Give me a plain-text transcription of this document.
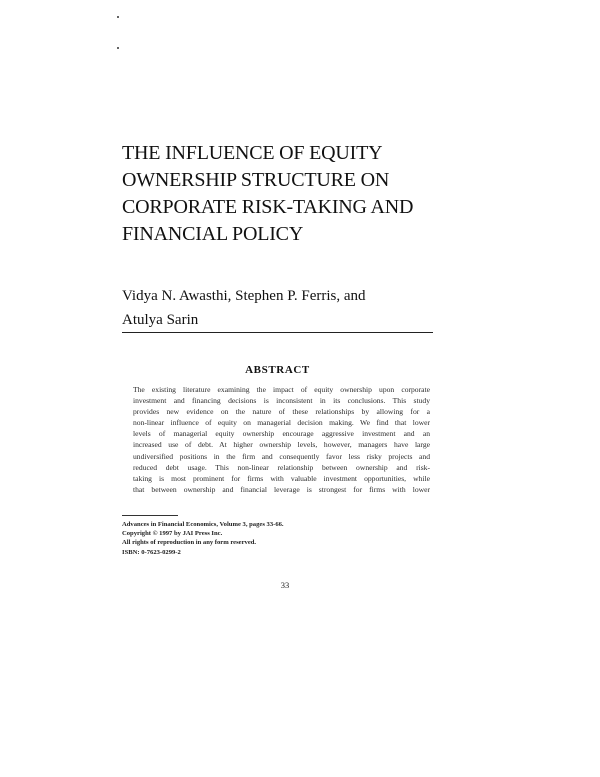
THE INFLUENCE OF EQUITY
OWNERSHIP STRUCTURE ON
CORPORATE RISK-TAKING AND
FINANCIAL POLICY
Vidya N. Awasthi, Stephen P. Ferris, and
Atulya Sarin
ABSTRACT
The existing literature examining the impact of equity ownership upon corporate
investment and financing decisions is inconsistent in its conclusions. This study
provides new evidence on the nature of these relationships by allowing for a
non-linear influence of equity on managerial decision making. We find that lower
levels of managerial equity ownership encourage aggressive investment and an
increased use of debt. At higher ownership levels, however, managers have large
undiversified positions in the firm and consequently favor less risky projects and
reduced debt usage. This non-linear relationship between ownership and risk-
taking is most prominent for firms with valuable investment opportunities, while
that between ownership and financial leverage is strongest for firms with lower
Advances in Financial Economics, Volume 3, pages 33-66.
Copyright © 1997 by JAI Press Inc.
All rights of reproduction in any form reserved.
ISBN: 0-7623-0299-2
33
